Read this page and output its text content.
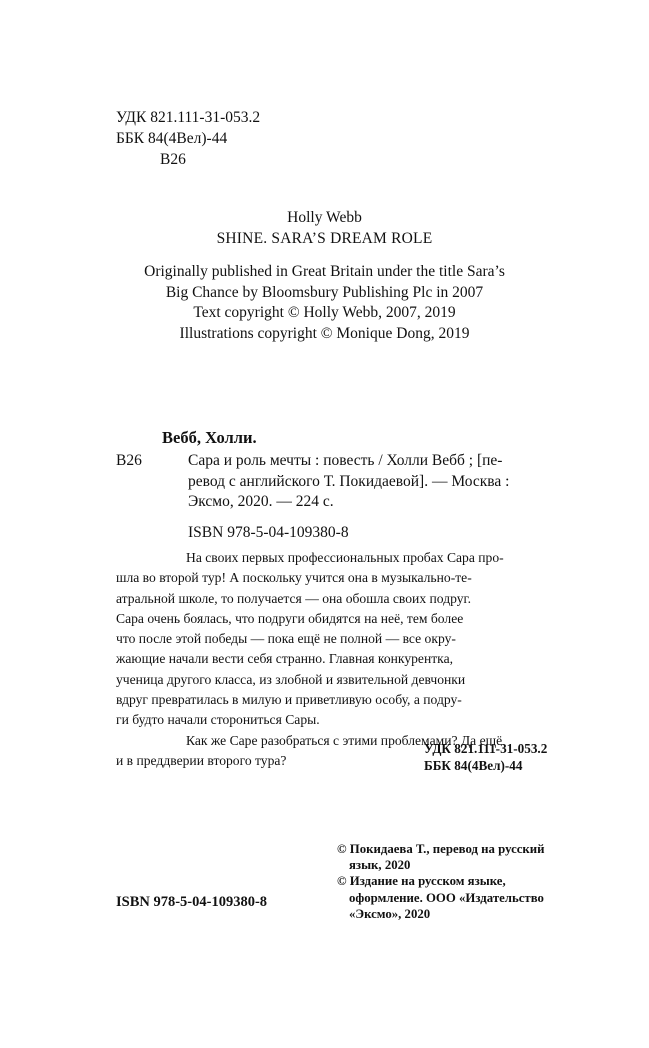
УДК 821.111-31-053.2
ББК 84(4Вел)-44
В26
Holly Webb
SHINE. SARA’S DREAM ROLE
Originally published in Great Britain under the title Sara’s
Big Chance by Bloomsbury Publishing Plc in 2007
Text copyright © Holly Webb, 2007, 2019
Illustrations copyright © Monique Dong, 2019
Вебб, Холли.
В26	Сара и роль мечты : повесть / Холли Вебб ; [пе-
ревод с английского Т. Покидаевой]. — Москва :
Эксмо, 2020. — 224 с.
ISBN 978-5-04-109380-8
На своих первых профессиональных пробах Сара про-
шла во второй тур! А поскольку учится она в музыкально-те-
атральной школе, то получается — она обошла своих подруг.
Сара очень боялась, что подруги обидятся на неё, тем более
что после этой победы — пока ещё не полной — все окру-
жающие начали вести себя странно. Главная конкурентка,
ученица другого класса, из злобной и язвительной девчонки
вдруг превратилась в милую и приветливую особу, а подру-
ги будто начали сторониться Сары.
Как же Саре разобраться с этими проблемами? Да ещё
и в преддверии второго тура?
УДК 821.111-31-053.2
ББК 84(4Вел)-44
© Покидаева Т., перевод на русский
язык, 2020
© Издание на русском языке,
оформление. ООО «Издательство
«Эксмо», 2020
ISBN 978-5-04-109380-8
